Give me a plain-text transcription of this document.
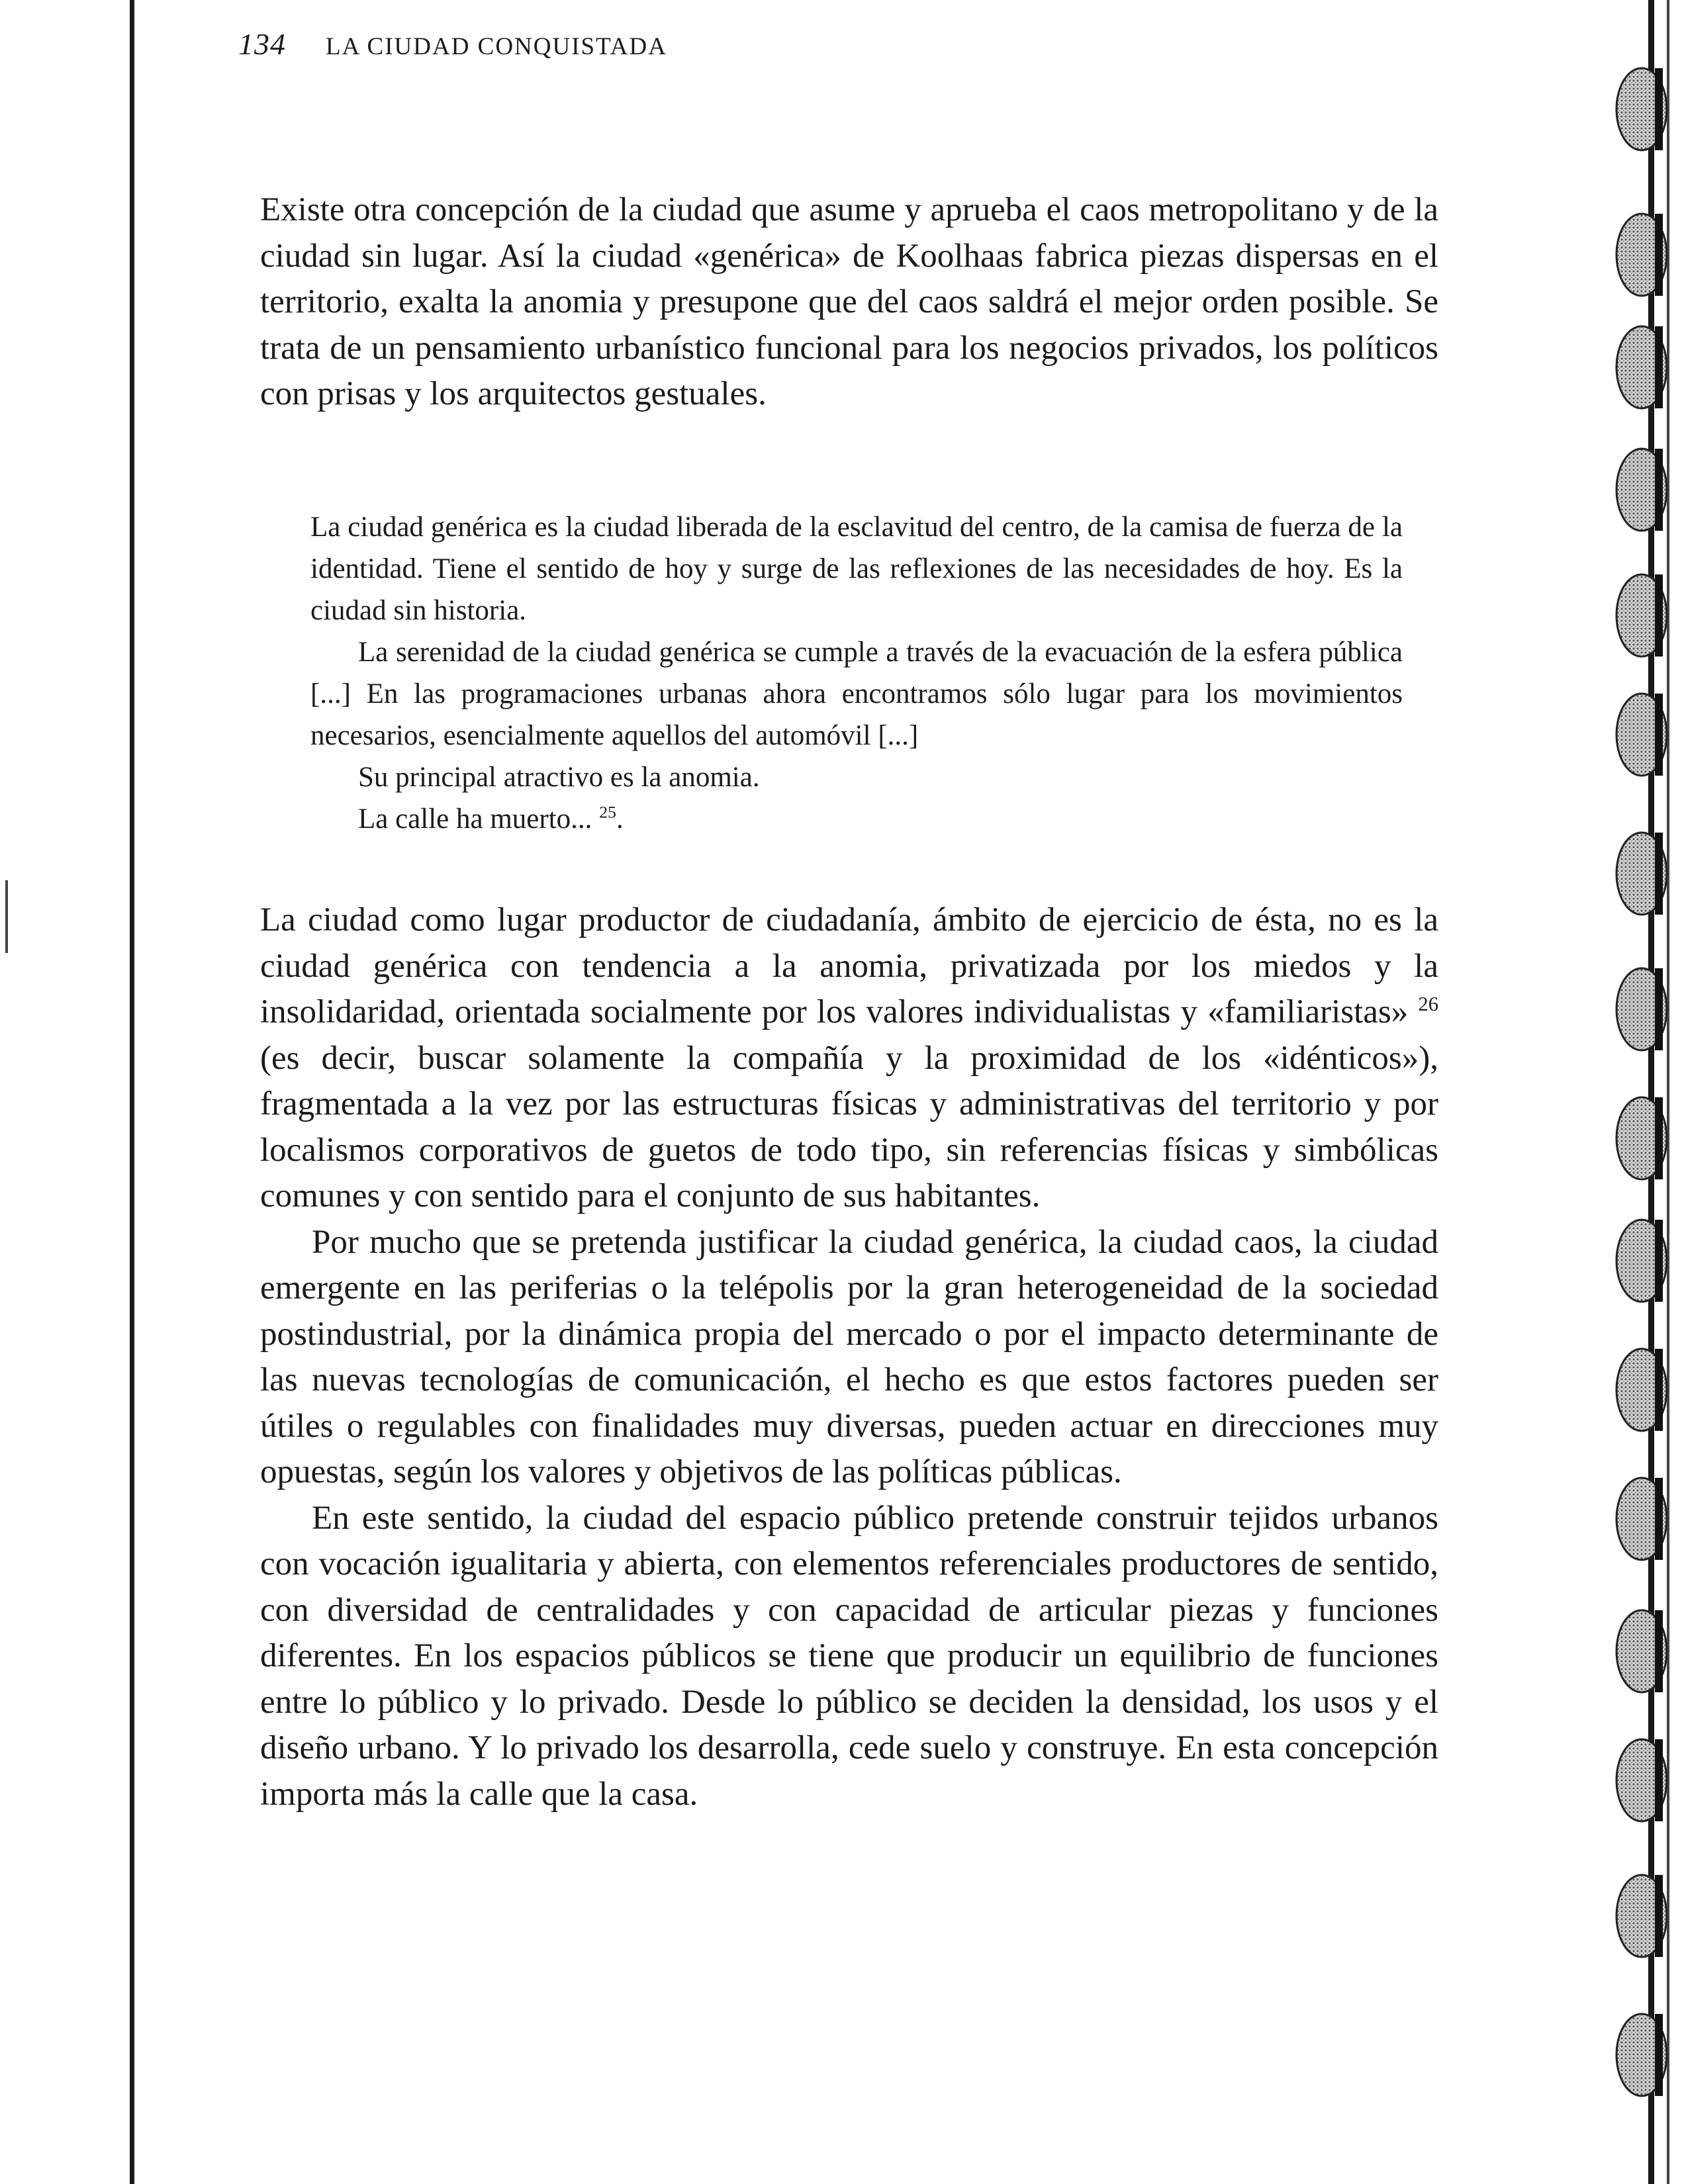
134 LA CIUDAD CONQUISTADA

Existe otra concepción de la ciudad que asume y aprueba el caos metropolitano y de la ciudad sin lugar. Así la ciudad «genérica» de Koolhaas fabrica piezas dispersas en el territorio, exalta la anomia y presupone que del caos saldrá el mejor orden posible. Se trata de un pensamiento urbanístico funcional para los negocios privados, los políticos con prisas y los arquitectos gestuales.

La ciudad genérica es la ciudad liberada de la esclavitud del centro, de la camisa de fuerza de la identidad. Tiene el sentido de hoy y surge de las reflexiones de las necesidades de hoy. Es la ciudad sin historia.

La serenidad de la ciudad genérica se cumple a través de la evacuación de la esfera pública [...] En las programaciones urbanas ahora encontramos sólo lugar para los movimientos necesarios, esencialmente aquellos del automóvil [...]

Su principal atractivo es la anomia.

La calle ha muerto... $^{25}$.

La ciudad como lugar productor de ciudadanía, ámbito de ejercicio de ésta, no es la ciudad genérica con tendencia a la anomia, privatizada por los miedos y la insolidaridad, orientada socialmente por los valores individualistas y «familiaristas» $^{26}$ (es decir, buscar solamente la compañía y la proximidad de los «idénticos»), fragmentada a la vez por las estructuras físicas y administrativas del territorio y por localismos corporativos de guetos de todo tipo, sin referencias físicas y simbólicas comunes y con sentido para el conjunto de sus habitantes.

Por mucho que se pretenda justificar la ciudad genérica, la ciudad caos, la ciudad emergente en las periferias o la telépolis por la gran heterogeneidad de la sociedad postindustrial, por la dinámica propia del mercado o por el impacto determinante de las nuevas tecnologías de comunicación, el hecho es que estos factores pueden ser útiles o regulables con finalidades muy diversas, pueden actuar en direcciones muy opuestas, según los valores y objetivos de las políticas públicas.

En este sentido, la ciudad del espacio público pretende construir tejidos urbanos con vocación igualitaria y abierta, con elementos referenciales productores de sentido, con diversidad de centralidades y con capacidad de articular piezas y funciones diferentes. En los espacios públicos se tiene que producir un equilibrio de funciones entre lo público y lo privado. Desde lo público se deciden la densidad, los usos y el diseño urbano. Y lo privado los desarrolla, cede suelo y construye. En esta concepción importa más la calle que la casa.
